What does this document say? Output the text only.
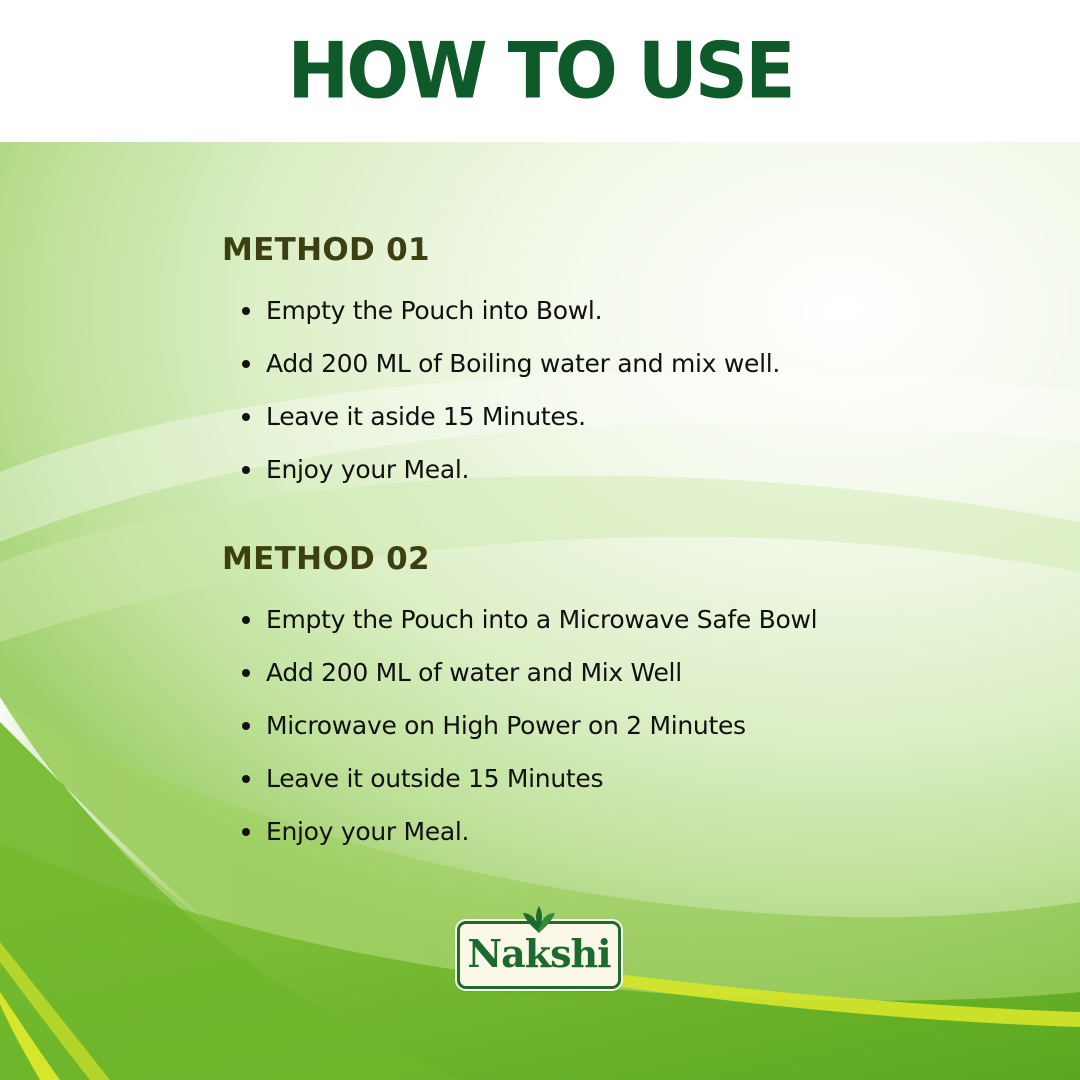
HOW TO USE
METHOD 01
Empty the Pouch into Bowl.
Add 200 ML of Boiling water and mix well.
Leave it aside 15 Minutes.
Enjoy your Meal.
METHOD 02
Empty the Pouch into a Microwave Safe Bowl
Add 200 ML of water and Mix Well
Microwave on High Power on 2 Minutes
Leave it outside 15 Minutes
Enjoy your Meal.
Nakshi
